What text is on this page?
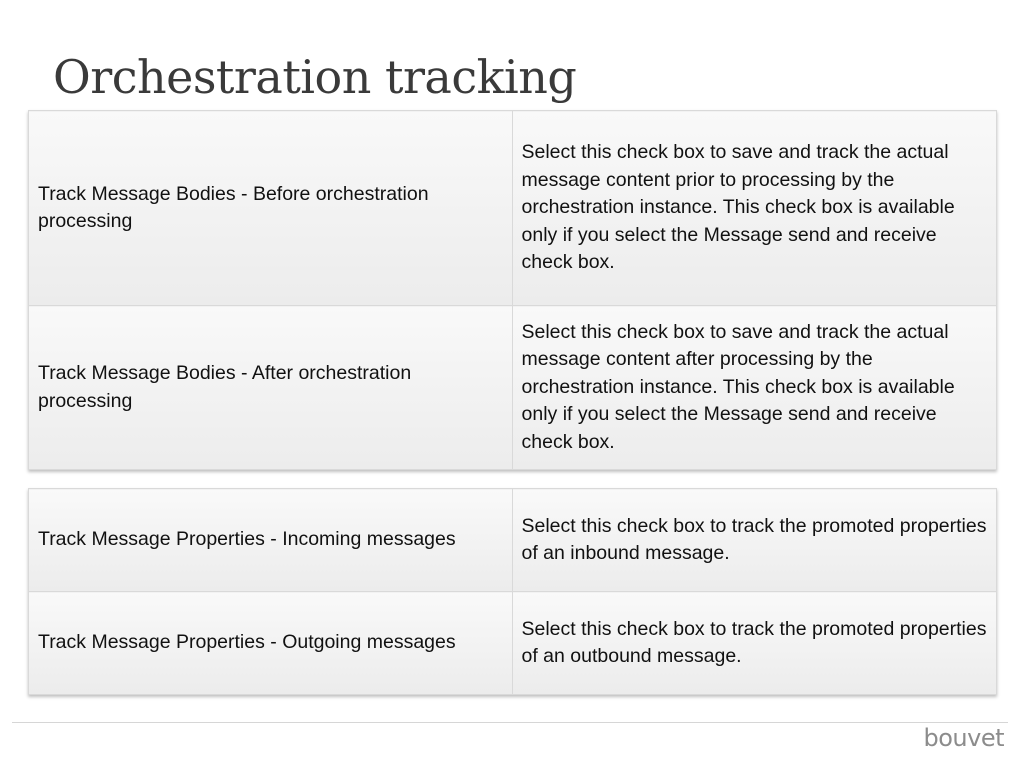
Orchestration tracking
Track Message Bodies - Before orchestration processing	Select this check box to save and track the actual message content prior to processing by the orchestration instance. This check box is available only if you select the Message send and receive check box.
Track Message Bodies - After orchestration processing	Select this check box to save and track the actual message content after processing by the orchestration instance. This check box is available only if you select the Message send and receive check box.
Track Message Properties - Incoming messages	Select this check box to track the promoted properties of an inbound message.
Track Message Properties - Outgoing messages	Select this check box to track the promoted properties of an outbound message.
bouvet
